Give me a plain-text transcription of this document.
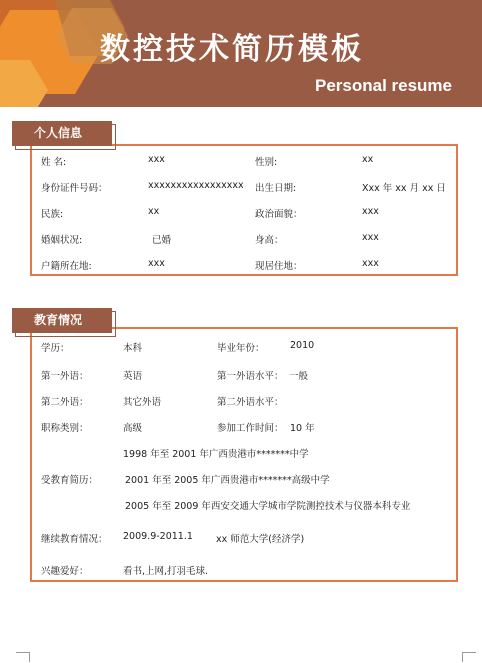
数控技术简历模板
Personal resume
个人信息
姓 名:	xxx	性别:	xx
身份证件号码：	xxxxxxxxxxxxxxxxx 出生日期:	Xxx 年 xx 月 xx 日
民族:	xx	政治面貌：	xxx
婚姻状况:	已婚	身高：	xxx
户籍所在地:	xxx	现居住地：	xxx
教育情况
学历：	本科	毕业年份：	2010
第一外语：	英语	第一外语水平： 一般
第二外语：	其它外语	第二外语水平：
职称类别：	高级	参加工作时间： 10 年
1998 年至 2001 年广西贵港市*******中学
受教育简历：	2001 年至 2005 年广西贵港市*******高级中学
2005 年至 2009 年西安交通大学城市学院测控技术与仪器本科专业
继续教育情况： 2009.9-2011.1 xx 师范大学(经济学)
兴趣爱好：	看书,上网,打羽毛球.
